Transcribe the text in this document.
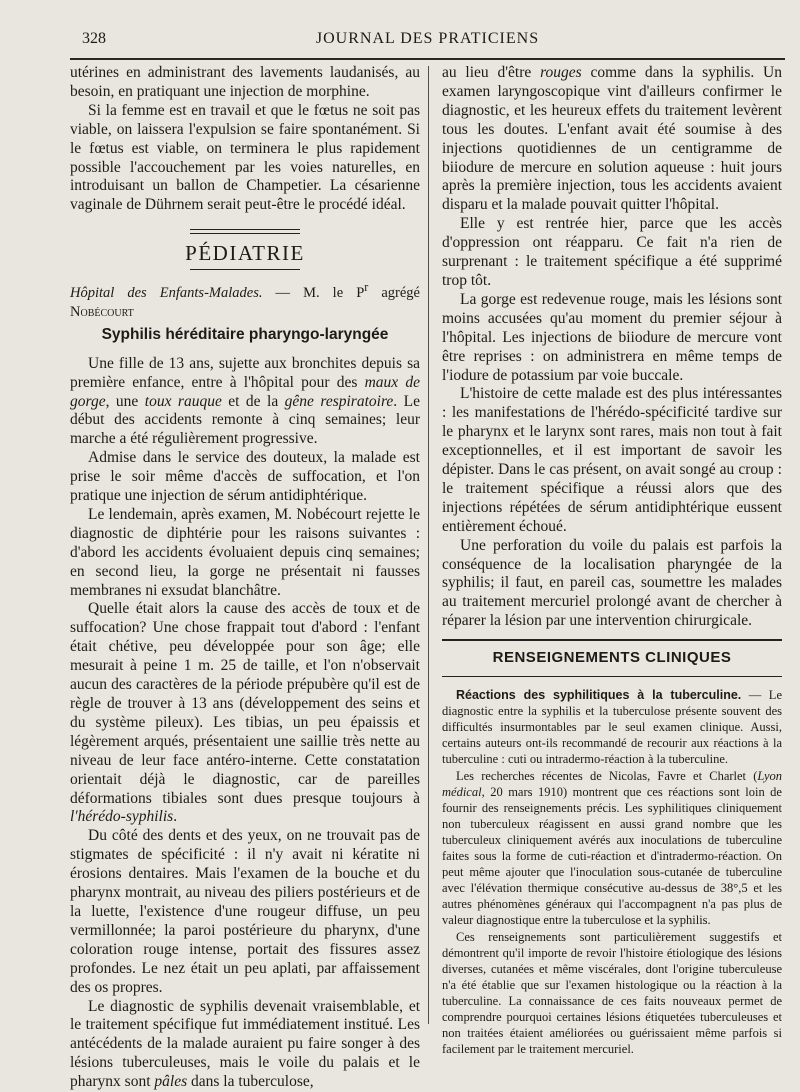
328	JOURNAL DES PRATICIENS

utérines en administrant des lavements laudanisés, au besoin, en pratiquant une injection de morphine.

Si la femme est en travail et que le fœtus ne soit pas viable, on laissera l'expulsion se faire spontanément. Si le fœtus est viable, on terminera le plus rapidement possible l'accouchement par les voies naturelles, en introduisant un ballon de Champetier. La césarienne vaginale de Dührnem serait peut-être le procédé idéal.

PÉDIATRIE
Hôpital des Enfants-Malades. — M. le $P^r$ agrégé Nobécourt
Syphilis héréditaire pharyngo-laryngée

Une fille de 13 ans, sujette aux bronchites depuis sa première enfance, entre à l'hôpital pour des maux de gorge, une toux rauque et de la gêne respiratoire. Le début des accidents remonte à cinq semaines; leur marche a été régulièrement progressive.

Admise dans le service des douteux, la malade est prise le soir même d'accès de suffocation, et l'on pratique une injection de sérum antidiphtérique.

Le lendemain, après examen, M. Nobécourt rejette le diagnostic de diphtérie pour les raisons suivantes : d'abord les accidents évoluaient depuis cinq semaines; en second lieu, la gorge ne présentait ni fausses membranes ni exsudat blanchâtre.

Quelle était alors la cause des accès de toux et de suffocation? Une chose frappait tout d'abord : l'enfant était chétive, peu développée pour son âge; elle mesurait à peine 1 m. 25 de taille, et l'on n'observait aucun des caractères de la période prépubère qu'il est de règle de trouver à 13 ans (développement des seins et du système pileux). Les tibias, un peu épaissis et légèrement arqués, présentaient une saillie très nette au niveau de leur face antéro-interne. Cette constatation orientait déjà le diagnostic, car de pareilles déformations tibiales sont dues presque toujours à l'hérédo-syphilis.

Du côté des dents et des yeux, on ne trouvait pas de stigmates de spécificité : il n'y avait ni kératite ni érosions dentaires. Mais l'examen de la bouche et du pharynx montrait, au niveau des piliers postérieurs et de la luette, l'existence d'une rougeur diffuse, un peu vermillonnée; la paroi postérieure du pharynx, d'une coloration rouge intense, portait des fissures assez profondes. Le nez était un peu aplati, par affaissement des os propres.

Le diagnostic de syphilis devenait vraisemblable, et le traitement spécifique fut immédiatement institué. Les antécédents de la malade auraient pu faire songer à des lésions tuberculeuses, mais le voile du palais et le pharynx sont pâles dans la tuberculose,

au lieu d'être rouges comme dans la syphilis. Un examen laryngoscopique vint d'ailleurs confirmer le diagnostic, et les heureux effets du traitement levèrent tous les doutes. L'enfant avait été soumise à des injections quotidiennes de un centigramme de biiodure de mercure en solution aqueuse : huit jours après la première injection, tous les accidents avaient disparu et la malade pouvait quitter l'hôpital.

Elle y est rentrée hier, parce que les accès d'oppression ont réapparu. Ce fait n'a rien de surprenant : le traitement spécifique a été supprimé trop tôt.

La gorge est redevenue rouge, mais les lésions sont moins accusées qu'au moment du premier séjour à l'hôpital. Les injections de biiodure de mercure vont être reprises : on administrera en même temps de l'iodure de potassium par voie buccale.

L'histoire de cette malade est des plus intéressantes : les manifestations de l'hérédo-spécificité tardive sur le pharynx et le larynx sont rares, mais non tout à fait exceptionnelles, et il est important de savoir les dépister. Dans le cas présent, on avait songé au croup : le traitement spécifique a réussi alors que des injections répétées de sérum antidiphtérique eussent entièrement échoué.

Une perforation du voile du palais est parfois la conséquence de la localisation pharyngée de la syphilis; il faut, en pareil cas, soumettre les malades au traitement mercuriel prolongé avant de chercher à réparer la lésion par une intervention chirurgicale.

RENSEIGNEMENTS CLINIQUES

Réactions des syphilitiques à la tuberculine. — Le diagnostic entre la syphilis et la tuberculose présente souvent des difficultés insurmontables par le seul examen clinique. Aussi, certains auteurs ont-ils recommandé de recourir aux réactions à la tuberculine : cuti ou intradermo-réaction à la tuberculine.

Les recherches récentes de Nicolas, Favre et Charlet (Lyon médical, 20 mars 1910) montrent que ces réactions sont loin de fournir des renseignements précis. Les syphilitiques cliniquement non tuberculeux réagissent en aussi grand nombre que les tuberculeux cliniquement avérés aux inoculations de tuberculine faites sous la forme de cuti-réaction et d'intradermo-réaction. On peut même ajouter que l'inoculation sous-cutanée de tuberculine avec l'élévation thermique consécutive au-dessus de 38°,5 et les autres phénomènes généraux qui l'accompagnent n'a pas plus de valeur diagnostique entre la tuberculose et la syphilis.

Ces renseignements sont particulièrement suggestifs et démontrent qu'il importe de revoir l'histoire étiologique des lésions diverses, cutanées et même viscérales, dont l'origine tuberculeuse n'a été établie que sur l'examen histologique ou la réaction à la tuberculine. La connaissance de ces faits nouveaux permet de comprendre pourquoi certaines lésions étiquetées tuberculeuses et non traitées étaient améliorées ou guérissaient même parfois si facilement par le traitement mercuriel.
